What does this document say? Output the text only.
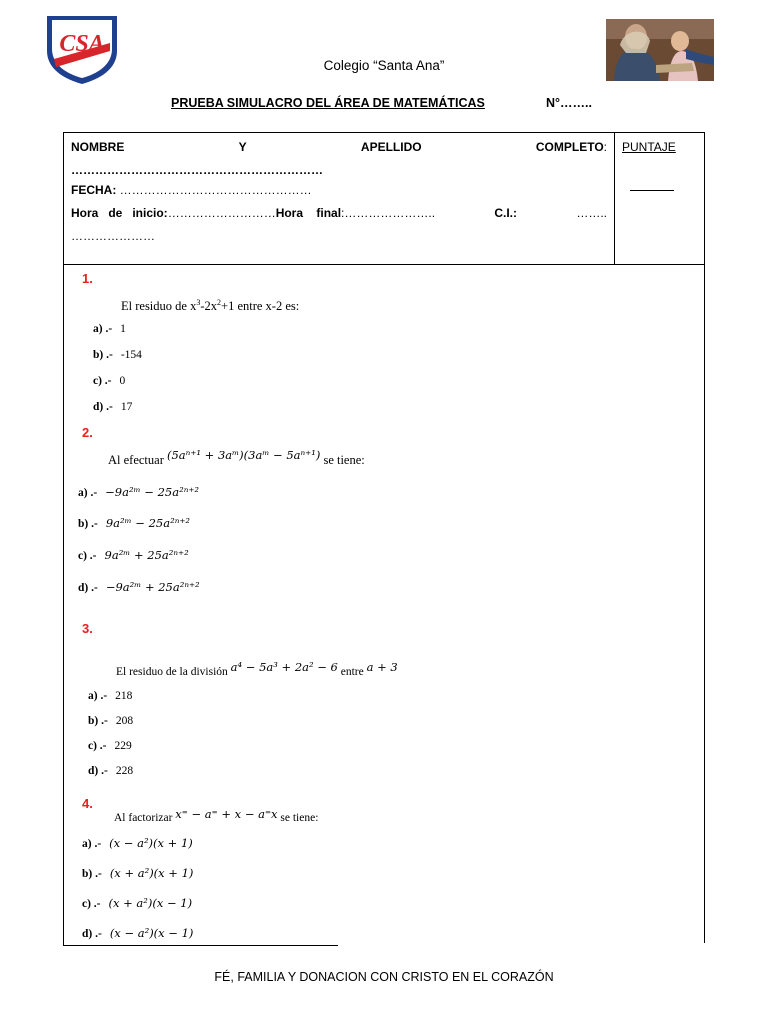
CSA
Colegio “Santa Ana”
PRUEBA SIMULACRO DEL ÁREA DE MATEMÁTICAS	N°……..
NOMBRE	Y	APELLIDO	COMPLETO:
………………………………………………………
FECHA: …………………………………………
Hora   de   inicio:………………………Hora    final:…………………..	C.I.:	……..
…………………
PUNTAJE
1.
El residuo de $x^3-2x^2+1$ entre x-2 es:
a) .- 1
b) .- -154
c) .- 0
d) .- 17
2.
Al efectuar (5aⁿ⁺¹ + 3aᵐ)(3aᵐ − 5aⁿ⁺¹) se tiene:
a) .- −9a²ᵐ − 25a²ⁿ⁺²
b) .- 9a²ᵐ − 25a²ⁿ⁺²
c) .- 9a²ᵐ + 25a²ⁿ⁺²
d) .- −9a²ᵐ + 25a²ⁿ⁺²
3.
El residuo de la división a⁴ − 5a³ + 2a² − 6 entre a + 3
a) .- 218
b) .- 208
c) .- 229
d) .- 228
4.
Al factorizar x⁼ − a⁼ + x − a⁼x se tiene:
a) .- (x − a²)(x + 1)
b) .- (x + a²)(x + 1)
c) .- (x + a²)(x − 1)
d) .- (x − a²)(x − 1)
FÉ, FAMILIA Y DONACION CON CRISTO EN EL CORAZÓN
